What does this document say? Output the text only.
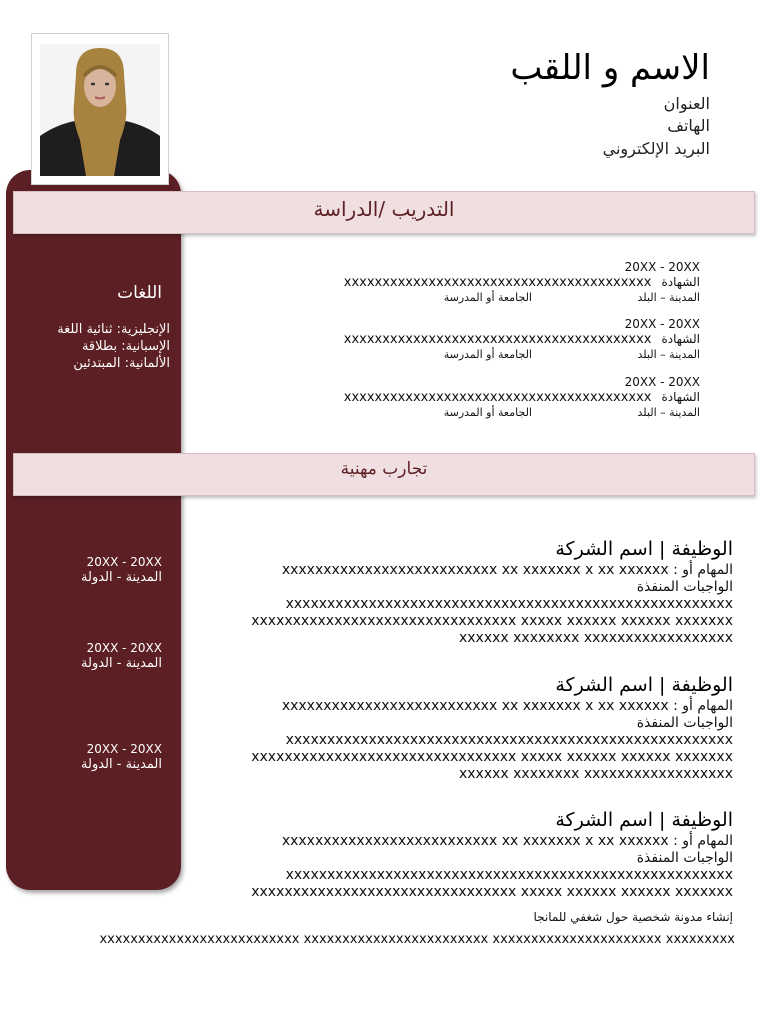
الاسم و اللقب
العنوان
الهاتف
البريد الإلكتروني
التدريب /الدراسة
اللغات
الإنجليزية: ثنائية اللغة
الإسبانية: بطلاقة
الألمانية: المبتدئين
20XX - 20XX
الشهادةxxxxxxxxxxxxxxxxxxxxxxxxxxxxxxxxxxxxxxxx
المدينة – البلد
الجامعة أو المدرسة
20XX - 20XX
الشهادةxxxxxxxxxxxxxxxxxxxxxxxxxxxxxxxxxxxxxxxx
المدينة – البلد
الجامعة أو المدرسة
20XX - 20XX
الشهادةxxxxxxxxxxxxxxxxxxxxxxxxxxxxxxxxxxxxxxxx
المدينة – البلد
الجامعة أو المدرسة
تجارب مهنية
20XX - 20XX
المدينة - الدولة
20XX - 20XX
المدينة - الدولة
20XX - 20XX
المدينة - الدولة
الوظيفة | اسم الشركة
المهام أو : xxxxxxxxxxxxxxxxxxxxxxxxxx xx xxxxxxx x xx xxxxxx
الواجبات المنفذة
xxxxxxxxxxxxxxxxxxxxxxxxxxxxxxxxxxxxxxxxxxxxxxxxxxxxxx
xxxxxxxxxxxxxxxxxxxxxxxxxxxxxxxx xxxxx xxxxxx xxxxxx xxxxxxx
xxxxxx xxxxxxxx xxxxxxxxxxxxxxxxxx
الوظيفة | اسم الشركة
المهام أو : xxxxxxxxxxxxxxxxxxxxxxxxxx xx xxxxxxx x xx xxxxxx
الواجبات المنفذة
xxxxxxxxxxxxxxxxxxxxxxxxxxxxxxxxxxxxxxxxxxxxxxxxxxxxxx
xxxxxxxxxxxxxxxxxxxxxxxxxxxxxxxx xxxxx xxxxxx xxxxxx xxxxxxx
xxxxxx xxxxxxxx xxxxxxxxxxxxxxxxxx
الوظيفة | اسم الشركة
المهام أو : xxxxxxxxxxxxxxxxxxxxxxxxxx xx xxxxxxx x xx xxxxxx
الواجبات المنفذة
xxxxxxxxxxxxxxxxxxxxxxxxxxxxxxxxxxxxxxxxxxxxxxxxxxxxxx
xxxxxxxxxxxxxxxxxxxxxxxxxxxxxxxx xxxxx xxxxxx xxxxxx xxxxxxx
إنشاء مدونة شخصية حول شغفي للمانجا
xxxxxxxxxxxxxxxxxxxxxxxxxx xxxxxxxxxxxxxxxxxxxxxxxx xxxxxxxxxxxxxxxxxxxxxx xxxxxxxxx
